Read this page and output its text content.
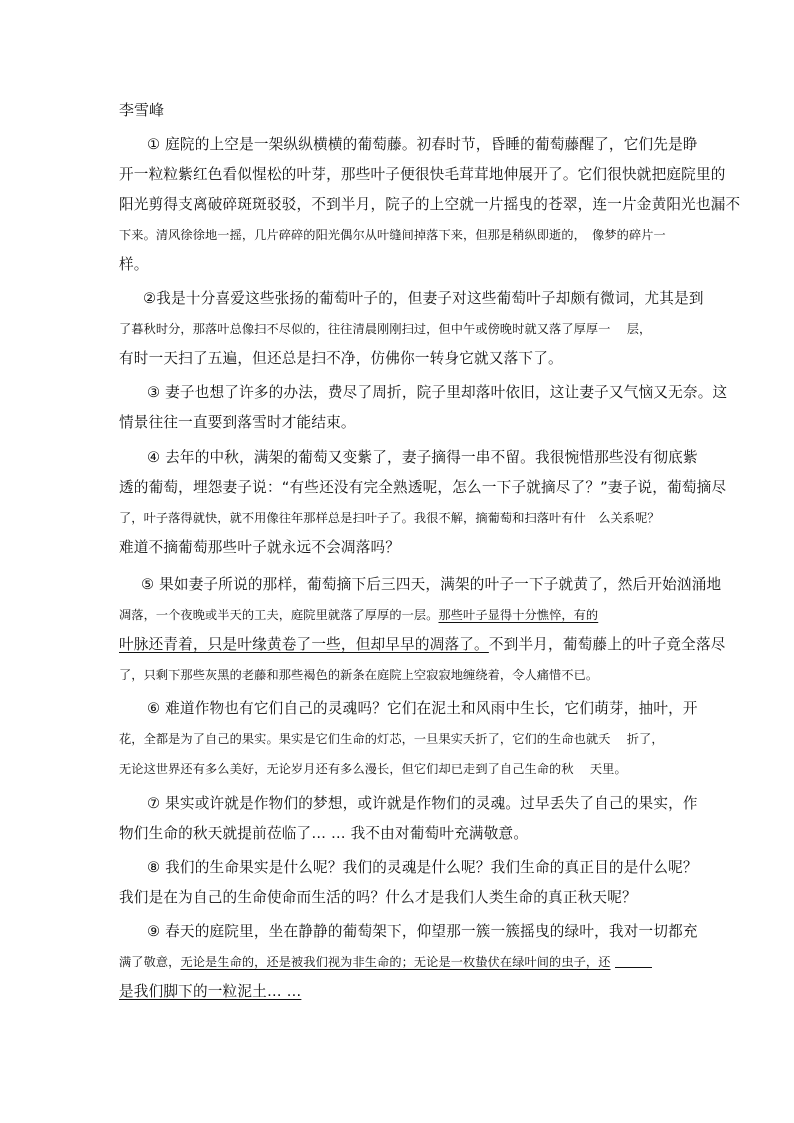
李雪峰
① 庭院的上空是一架纵纵横横的葡萄藤。初春时节，昏睡的葡萄藤醒了，它们先是睁
开一粒粒紫红色看似惺松的叶芽，那些叶子便很快毛茸茸地伸展开了。它们很快就把庭院里的
阳光剪得支离破碎斑斑驳驳，不到半月，院子的上空就一片摇曳的苍翠，连一片金黄阳光也漏不
下来。清风徐徐地一摇，几片碎碎的阳光偶尔从叶缝间掉落下来，但那是稍纵即逝的，　像梦的碎片一
样。
②我是十分喜爱这些张扬的葡萄叶子的，但妻子对这些葡萄叶子却颇有微词，尤其是到
了暮秋时分，那落叶总像扫不尽似的，往往清晨刚刚扫过，但中午或傍晚时就又落了厚厚一　 层，
有时一天扫了五遍，但还总是扫不净，仿佛你一转身它就又落下了。
③ 妻子也想了许多的办法，费尽了周折，院子里却落叶依旧，这让妻子又气恼又无奈。这
情景往往一直要到落雪时才能结束。
④ 去年的中秋，满架的葡萄又变紫了，妻子摘得一串不留。我很惋惜那些没有彻底紫
透的葡萄，埋怨妻子说：“有些还没有完全熟透呢，怎么一下子就摘尽了？”妻子说，葡萄摘尽
了，叶子落得就快，就不用像往年那样总是扫叶子了。我很不解，摘葡萄和扫落叶有什　么关系呢？
难道不摘葡萄那些叶子就永远不会凋落吗？
⑤ 果如妻子所说的那样，葡萄摘下后三四天，满架的叶子一下子就黄了，然后开始汹涌地
凋落，一个夜晚或半天的工夫，庭院里就落了厚厚的一层。那些叶子显得十分憔悴，有的
叶脉还青着，只是叶缘黄卷了一些，但却早早的凋落了。不到半月，葡萄藤上的叶子竟全落尽
了，只剩下那些灰黑的老藤和那些褐色的新条在庭院上空寂寂地缠绕着，令人痛惜不已。
⑥ 难道作物也有它们自己的灵魂吗？它们在泥土和风雨中生长，它们萌芽，抽叶，开
花，全都是为了自己的果实。果实是它们生命的灯芯，一旦果实夭折了，它们的生命也就夭　 折了，
无论这世界还有多么美好，无论岁月还有多么漫长，但它们却已走到了自己生命的秋　 天里。
⑦ 果实或许就是作物们的梦想，或许就是作物们的灵魂。过早丢失了自己的果实，作
物们生命的秋天就提前莅临了… … 我不由对葡萄叶充满敬意。
⑧ 我们的生命果实是什么呢？我们的灵魂是什么呢？我们生命的真正目的是什么呢？
我们是在为自己的生命使命而生活的吗？什么才是我们人类生命的真正秋天呢？
⑨ 春天的庭院里，坐在静静的葡萄架下，仰望那一簇一簇摇曳的绿叶，我对一切都充
满了敬意，无论是生命的，还是被我们视为非生命的；无论是一枚蛰伏在绿叶间的虫子，还
是我们脚下的一粒泥土… …
